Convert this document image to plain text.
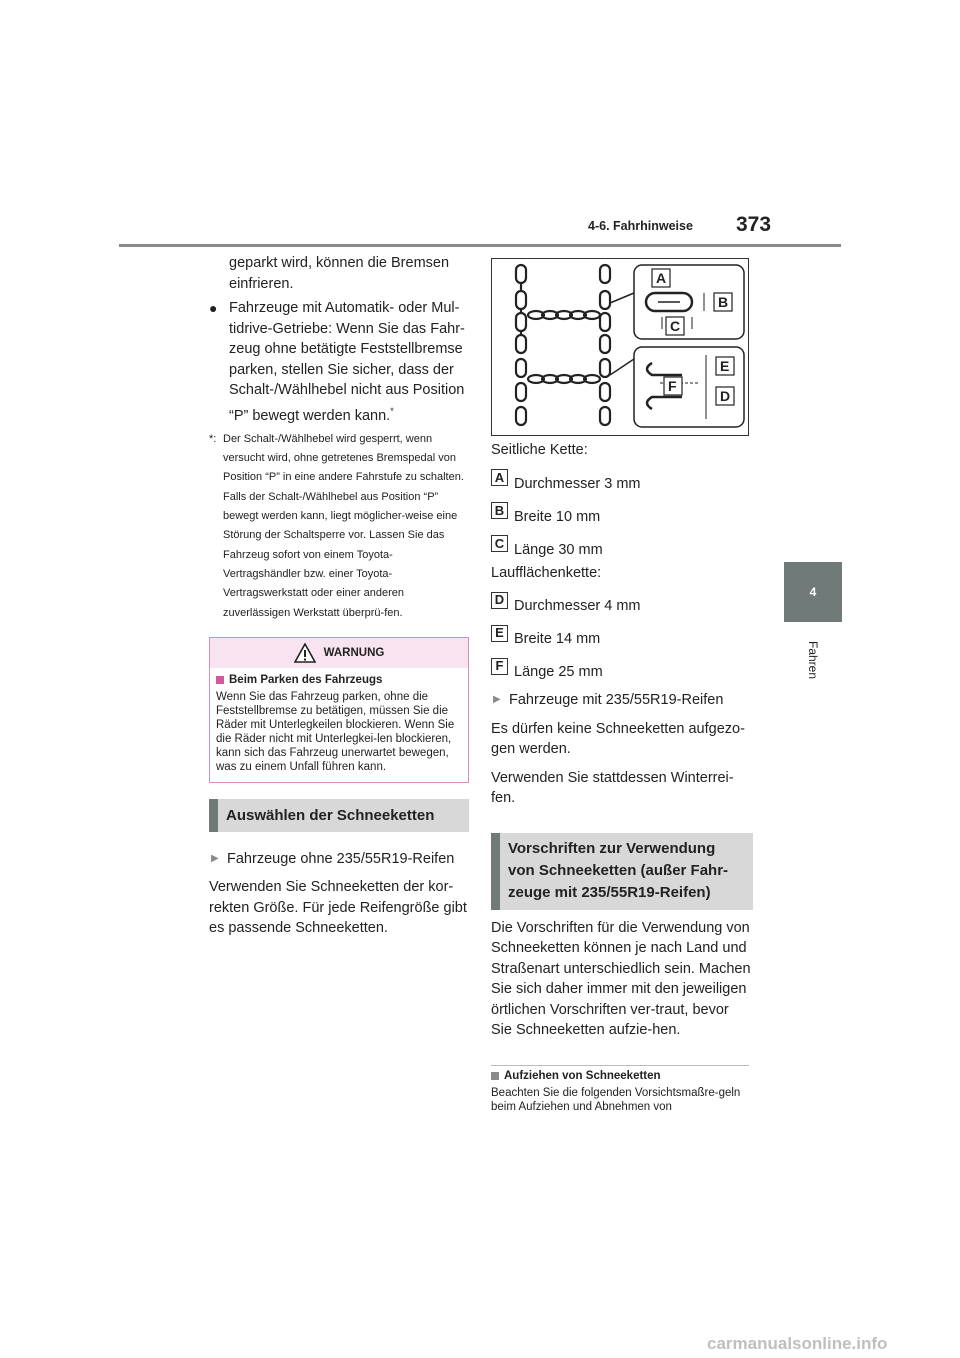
4-6. Fahrhinweise 373
4
Fahren

geparkt wird, können die Bremsen einfrieren.

● Fahrzeuge mit Automatik- oder Mul-tidrive-Getriebe: Wenn Sie das Fahr-zeug ohne betätigte Feststellbremse parken, stellen Sie sicher, dass der Schalt-/Wählhebel nicht aus Position “P” bewegt werden kann.*

*: Der Schalt-/Wählhebel wird gesperrt, wenn versucht wird, ohne getretenes Bremspedal von Position “P” in eine andere Fahrstufe zu schalten. Falls der Schalt-/Wählhebel aus Position “P” bewegt werden kann, liegt möglicher-weise eine Störung der Schaltsperre vor. Lassen Sie das Fahrzeug sofort von einem Toyota-Vertragshändler bzw. einer Toyota-Vertragswerkstatt oder einer anderen zuverlässigen Werkstatt überprü-fen.
WARNUNG
Beim Parken des Fahrzeugs

Wenn Sie das Fahrzeug parken, ohne die Feststellbremse zu betätigen, müssen Sie die Räder mit Unterlegkeilen blockieren. Wenn Sie die Räder nicht mit Unterlegkei-len blockieren, kann sich das Fahrzeug unerwartet bewegen, was zu einem Unfall führen kann.

Auswählen der Schneeketten
▶ Fahrzeuge ohne 235/55R19-Reifen

Verwenden Sie Schneeketten der kor-rekten Größe. Für jede Reifengröße gibt es passende Schneeketten.

A
B
C
E
F
D

Seitliche Kette:

A Durchmesser 3 mm
B Breite 10 mm
C Länge 30 mm

Laufflächenkette:

D Durchmesser 4 mm
E Breite 14 mm
F Länge 25 mm
▶ Fahrzeuge mit 235/55R19-Reifen

Es dürfen keine Schneeketten aufgezo-gen werden.

Verwenden Sie stattdessen Winterrei-fen.

Vorschriften zur Verwendung von Schneeketten (außer Fahr-zeuge mit 235/55R19-Reifen)

Die Vorschriften für die Verwendung von Schneeketten können je nach Land und Straßenart unterschiedlich sein. Machen Sie sich daher immer mit den jeweiligen örtlichen Vorschriften ver-traut, bevor Sie Schneeketten aufzie-hen.

Aufziehen von Schneeketten

Beachten Sie die folgenden Vorsichtsmaßre-geln beim Aufziehen und Abnehmen von

carmanualsonline.info
